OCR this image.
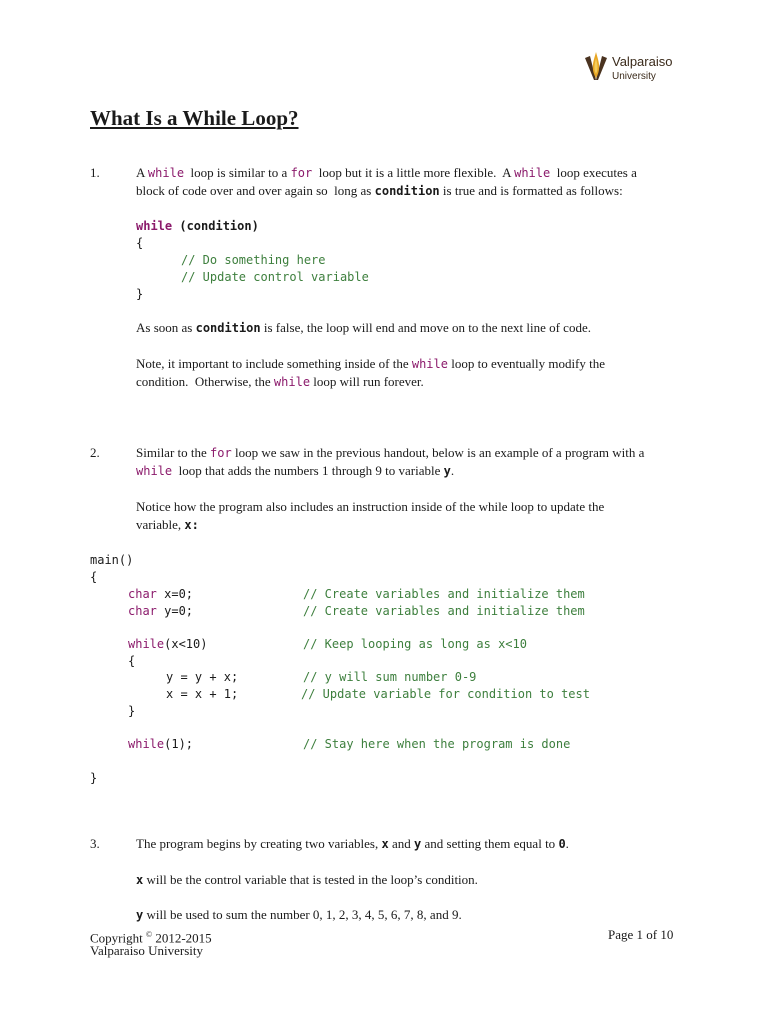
Valparaiso
University
What Is a While Loop?
1.	A while  loop is similar to a for  loop but it is a little more flexible.  A while  loop executes a
block of code over and over again so  long as condition is true and is formatted as follows:
while (condition)
{
// Do something here
// Update control variable
}
As soon as condition is false, the loop will end and move on to the next line of code.
Note, it important to include something inside of the while loop to eventually modify the
condition.  Otherwise, the while loop will run forever.
2.	Similar to the for loop we saw in the previous handout, below is an example of a program with a
while  loop that adds the numbers 1 through 9 to variable y.
Notice how the program also includes an instruction inside of the while loop to update the
variable, x:
main()
{
char x=0;	// Create variables and initialize them
char y=0;	// Create variables and initialize them
while(x<10)	// Keep looping as long as x<10
{
y = y + x;	// y will sum number 0-9
x = x + 1;	// Update variable for condition to test
}
while(1);	// Stay here when the program is done
}
3.	The program begins by creating two variables, x and y and setting them equal to 0.
x will be the control variable that is tested in the loop’s condition.
y will be used to sum the number 0, 1, 2, 3, 4, 5, 6, 7, 8, and 9.
Copyright © 2012-2015
Valparaiso University
Page 1 of 10
